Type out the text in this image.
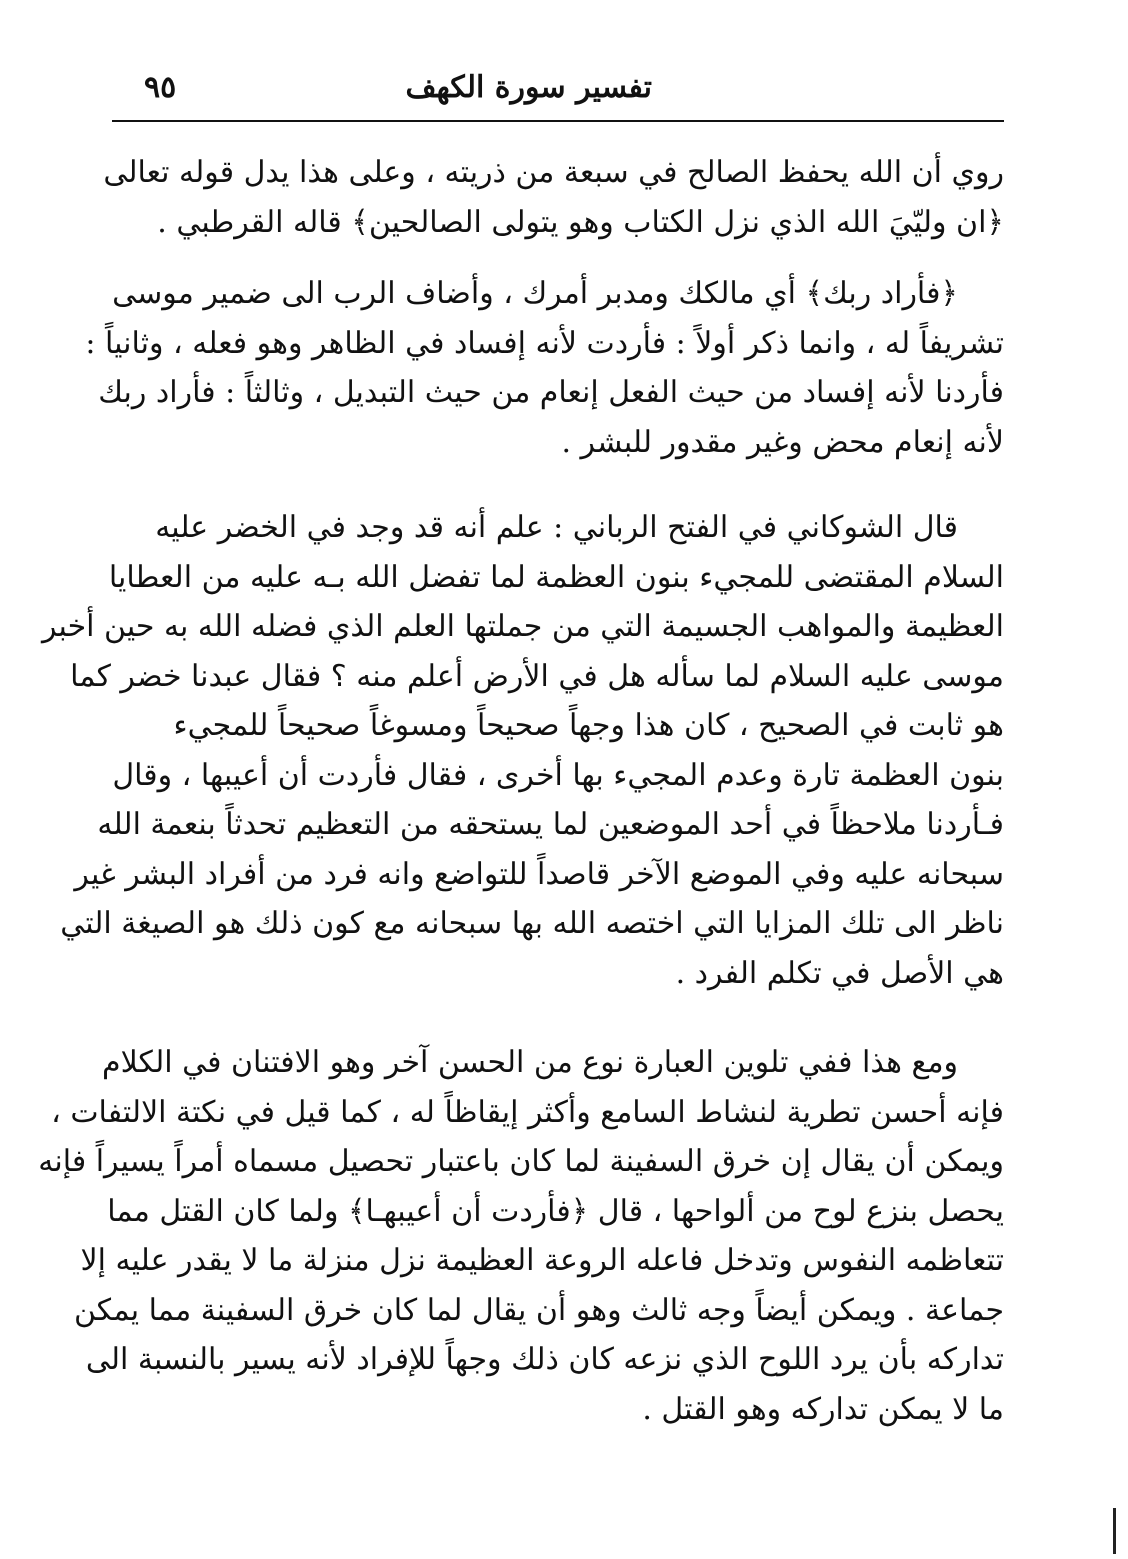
تفسير سورة الكهف
٩٥

روي أن الله يحفظ الصالح في سبعة من ذريته ، وعلى هذا يدل قوله تعالى
﴿ان وليّيَ الله الذي نزل الكتاب وهو يتولى الصالحين﴾ قاله القرطبي .

﴿فأراد ربك﴾ أي مالكك ومدبر أمرك ، وأضاف الرب الى ضمير موسى
تشريفاً له ، وانما ذكر أولاً : فأردت لأنه إفساد في الظاهر وهو فعله ، وثانياً :
فأردنا لأنه إفساد من حيث الفعل إنعام من حيث التبديل ، وثالثاً : فأراد ربك
لأنه إنعام محض وغير مقدور للبشر .

قال الشوكاني في الفتح الرباني : علم أنه قد وجد في الخضر عليه
السلام المقتضى للمجيء بنون العظمة لما تفضل الله بـه عليه من العطايا
العظيمة والمواهب الجسيمة التي من جملتها العلم الذي فضله الله به حين أخبر
موسى عليه السلام لما سأله هل في الأرض أعلم منه ؟ فقال عبدنا خضر كما
هو ثابت في الصحيح ، كان هذا وجهاً صحيحاً ومسوغاً صحيحاً للمجيء
بنون العظمة تارة وعدم المجيء بها أخرى ، فقال فأردت أن أعيبها ، وقال
فـأردنا ملاحظاً في أحد الموضعين لما يستحقه من التعظيم تحدثاً بنعمة الله
سبحانه عليه وفي الموضع الآخر قاصداً للتواضع وانه فرد من أفراد البشر غير
ناظر الى تلك المزايا التي اختصه الله بها سبحانه مع كون ذلك هو الصيغة التي
هي الأصل في تكلم الفرد .

ومع هذا ففي تلوين العبارة نوع من الحسن آخر وهو الافتنان في الكلام
فإنه أحسن تطرية لنشاط السامع وأكثر إيقاظاً له ، كما قيل في نكتة الالتفات ،
ويمكن أن يقال إن خرق السفينة لما كان باعتبار تحصيل مسماه أمراً يسيراً فإنه
يحصل بنزع لوح من ألواحها ، قال ﴿فأردت أن أعيبهـا﴾ ولما كان القتل مما
تتعاظمه النفوس وتدخل فاعله الروعة العظيمة نزل منزلة ما لا يقدر عليه إلا
جماعة . ويمكن أيضاً وجه ثالث وهو أن يقال لما كان خرق السفينة مما يمكن
تداركه بأن يرد اللوح الذي نزعه كان ذلك وجهاً للإفراد لأنه يسير بالنسبة الى
ما لا يمكن تداركه وهو القتل .
